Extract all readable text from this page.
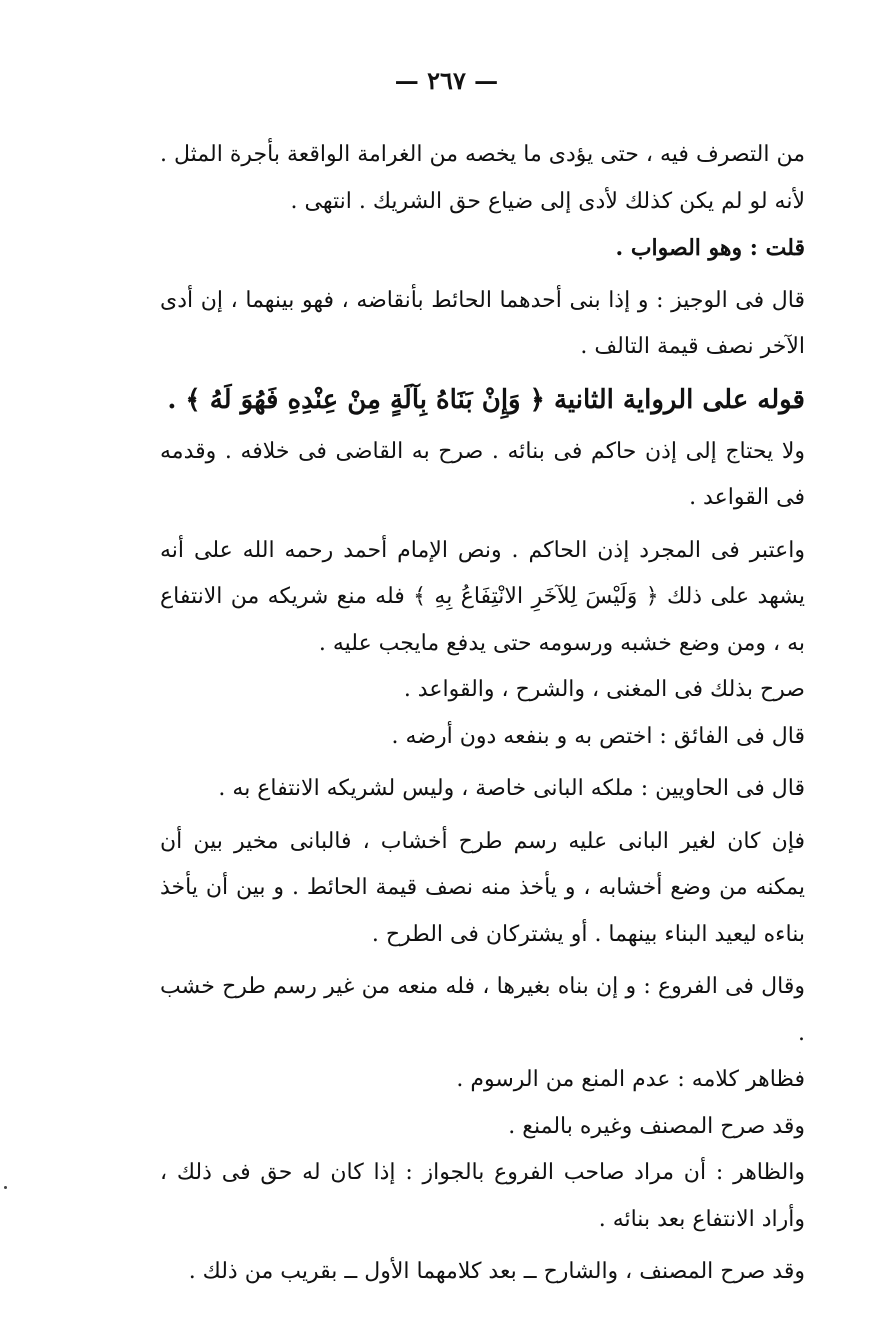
— ٢٦٧ —

من التصرف فيه ، حتى يؤدى ما يخصه من الغرامة الواقعة بأجرة المثل . لأنه لو لم يكن كذلك لأدى إلى ضياع حق الشريك . انتهى .

قلت : وهو الصواب .

قال فى الوجيز : و إذا بنى أحدهما الحائط بأنقاضه ، فهو بينهما ، إن أدى الآخر نصف قيمة التالف .

قوله على الرواية الثانية ﴿ وَإِنْ بَنَاهُ بِآلَةٍ مِنْ عِنْدِهِ فَهُوَ لَهُ ﴾ .

ولا يحتاج إلى إذن حاكم فى بنائه . صرح به القاضى فى خلافه . وقدمه فى القواعد .

واعتبر فى المجرد إذن الحاكم . ونص الإمام أحمد رحمه الله على أنه يشهد على ذلك ﴿ وَلَيْسَ لِلآخَرِ الانْتِفَاعُ بِهِ ﴾ فله منع شريكه من الانتفاع به ، ومن وضع خشبه ورسومه حتى يدفع مايجب عليه .

صرح بذلك فى المغنى ، والشرح ، والقواعد .

قال فى الفائق : اختص به و بنفعه دون أرضه .

قال فى الحاويين : ملكه البانى خاصة ، وليس لشريكه الانتفاع به .

فإن كان لغير البانى عليه رسم طرح أخشاب ، فالبانى مخير بين أن يمكنه من وضع أخشابه ، و يأخذ منه نصف قيمة الحائط . و بين أن يأخذ بناءه ليعيد البناء بينهما . أو يشتركان فى الطرح .

وقال فى الفروع : و إن بناه بغيرها ، فله منعه من غير رسم طرح خشب .

فظاهر كلامه : عدم المنع من الرسوم .

وقد صرح المصنف وغيره بالمنع .

والظاهر : أن مراد صاحب الفروع بالجواز : إذا كان له حق فى ذلك ، وأراد الانتفاع بعد بنائه .

وقد صرح المصنف ، والشارح ــ بعد كلامهما الأول ــ بقريب من ذلك .
